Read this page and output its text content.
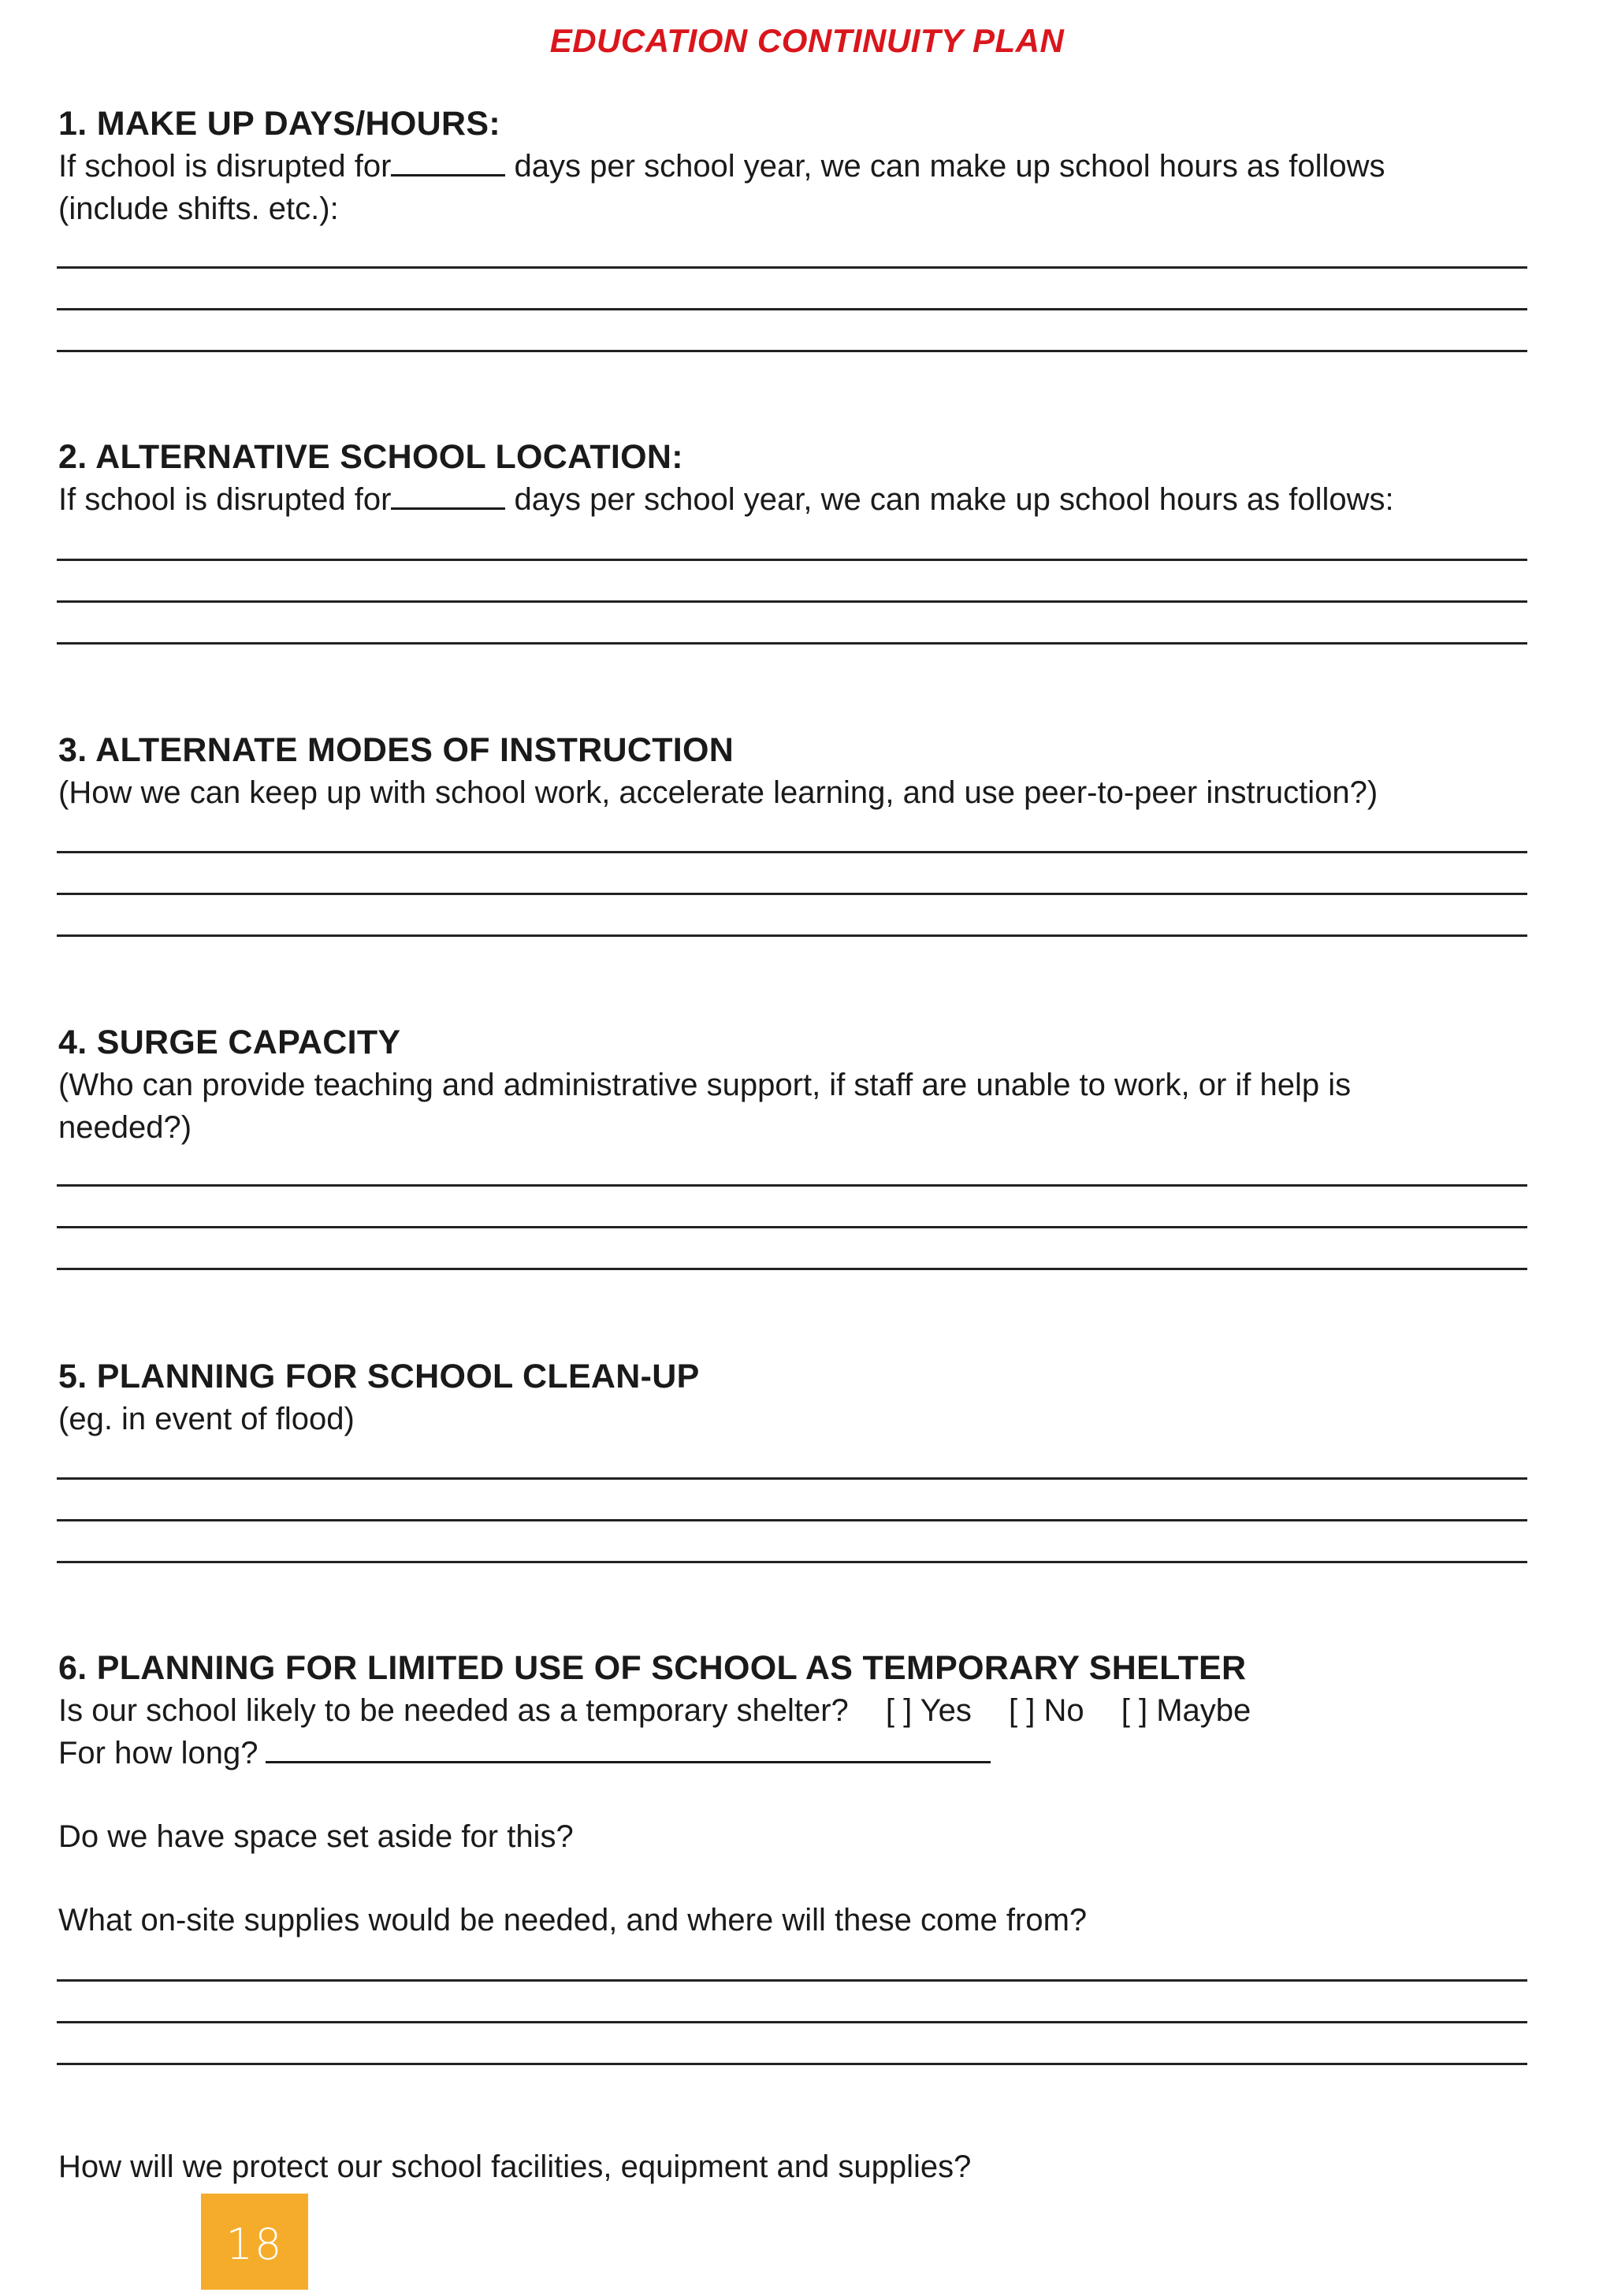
EDUCATION CONTINUITY PLAN
1. MAKE UP DAYS/HOURS:
If school is disrupted for	days per school year, we can make up school hours as follows
(include shifts. etc.):
2. ALTERNATIVE SCHOOL LOCATION:
If school is disrupted for	days per school year, we can make up school hours as follows:
3. ALTERNATE MODES OF INSTRUCTION
(How we can keep up with school work, accelerate learning, and use peer-to-peer instruction?)
4. SURGE CAPACITY
(Who can provide teaching and administrative support, if staff are unable to work, or if help is needed?)
5. PLANNING FOR SCHOOL CLEAN-UP
(eg. in event of flood)
6. PLANNING FOR LIMITED USE OF SCHOOL AS TEMPORARY SHELTER
Is our school likely to be needed as a temporary shelter? [ ] Yes [ ] No [ ] Maybe
For how long?
Do we have space set aside for this?
What on-site supplies would be needed, and where will these come from?
How will we protect our school facilities, equipment and supplies?
18
